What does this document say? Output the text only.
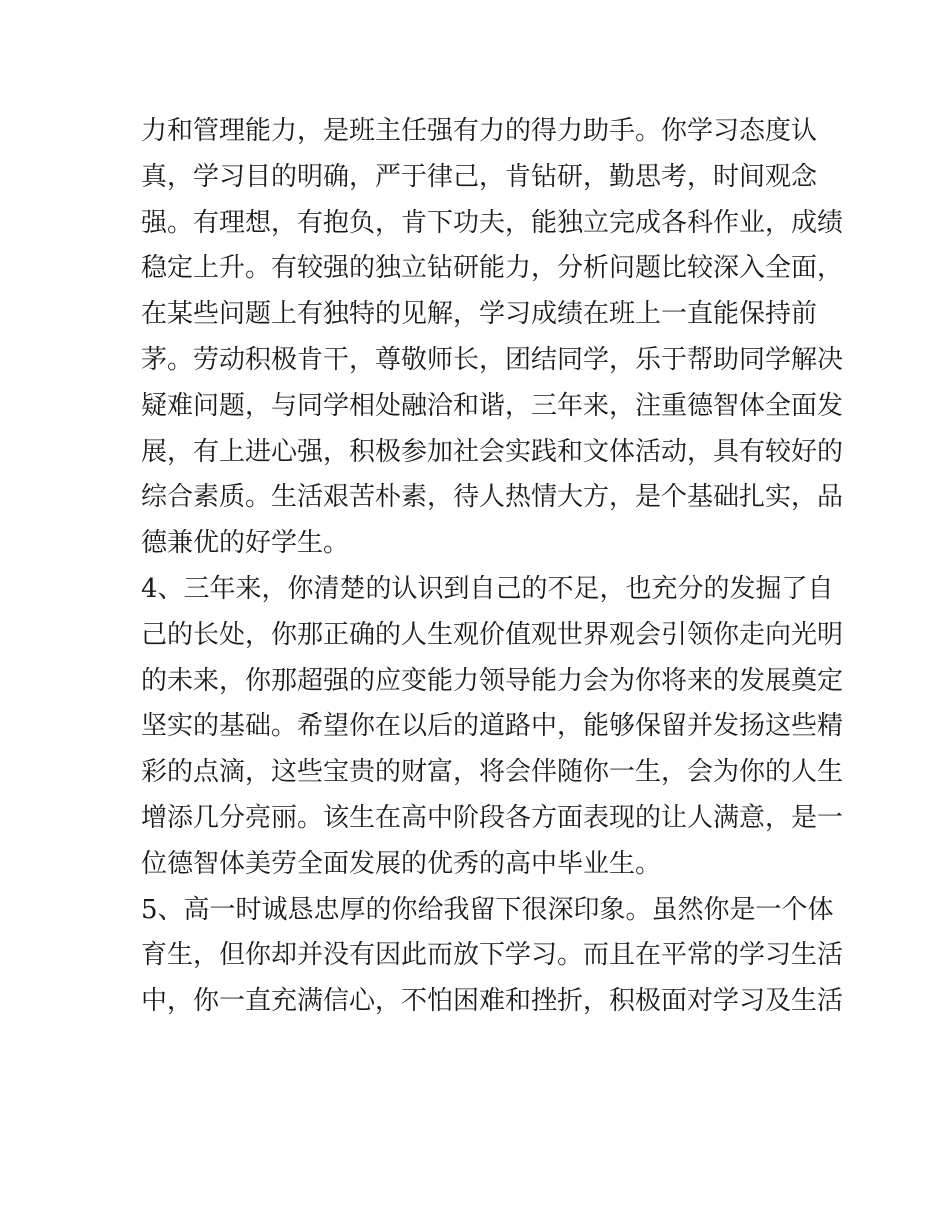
力和管理能力，是班主任强有力的得力助手。你学习态度认
真，学习目的明确，严于律己，肯钻研，勤思考，时间观念
强。有理想，有抱负，肯下功夫，能独立完成各科作业，成绩
稳定上升。有较强的独立钻研能力，分析问题比较深入全面，
在某些问题上有独特的见解，学习成绩在班上一直能保持前
茅。劳动积极肯干，尊敬师长，团结同学，乐于帮助同学解决
疑难问题，与同学相处融洽和谐，三年来，注重德智体全面发
展，有上进心强，积极参加社会实践和文体活动，具有较好的
综合素质。生活艰苦朴素，待人热情大方，是个基础扎实，品
德兼优的好学生。
4、三年来，你清楚的认识到自己的不足，也充分的发掘了自
己的长处，你那正确的人生观价值观世界观会引领你走向光明
的未来，你那超强的应变能力领导能力会为你将来的发展奠定
坚实的基础。希望你在以后的道路中，能够保留并发扬这些精
彩的点滴，这些宝贵的财富，将会伴随你一生，会为你的人生
增添几分亮丽。该生在高中阶段各方面表现的让人满意，是一
位德智体美劳全面发展的优秀的高中毕业生。
5、高一时诚恳忠厚的你给我留下很深印象。虽然你是一个体
育生，但你却并没有因此而放下学习。而且在平常的学习生活
中，你一直充满信心，不怕困难和挫折，积极面对学习及生活
